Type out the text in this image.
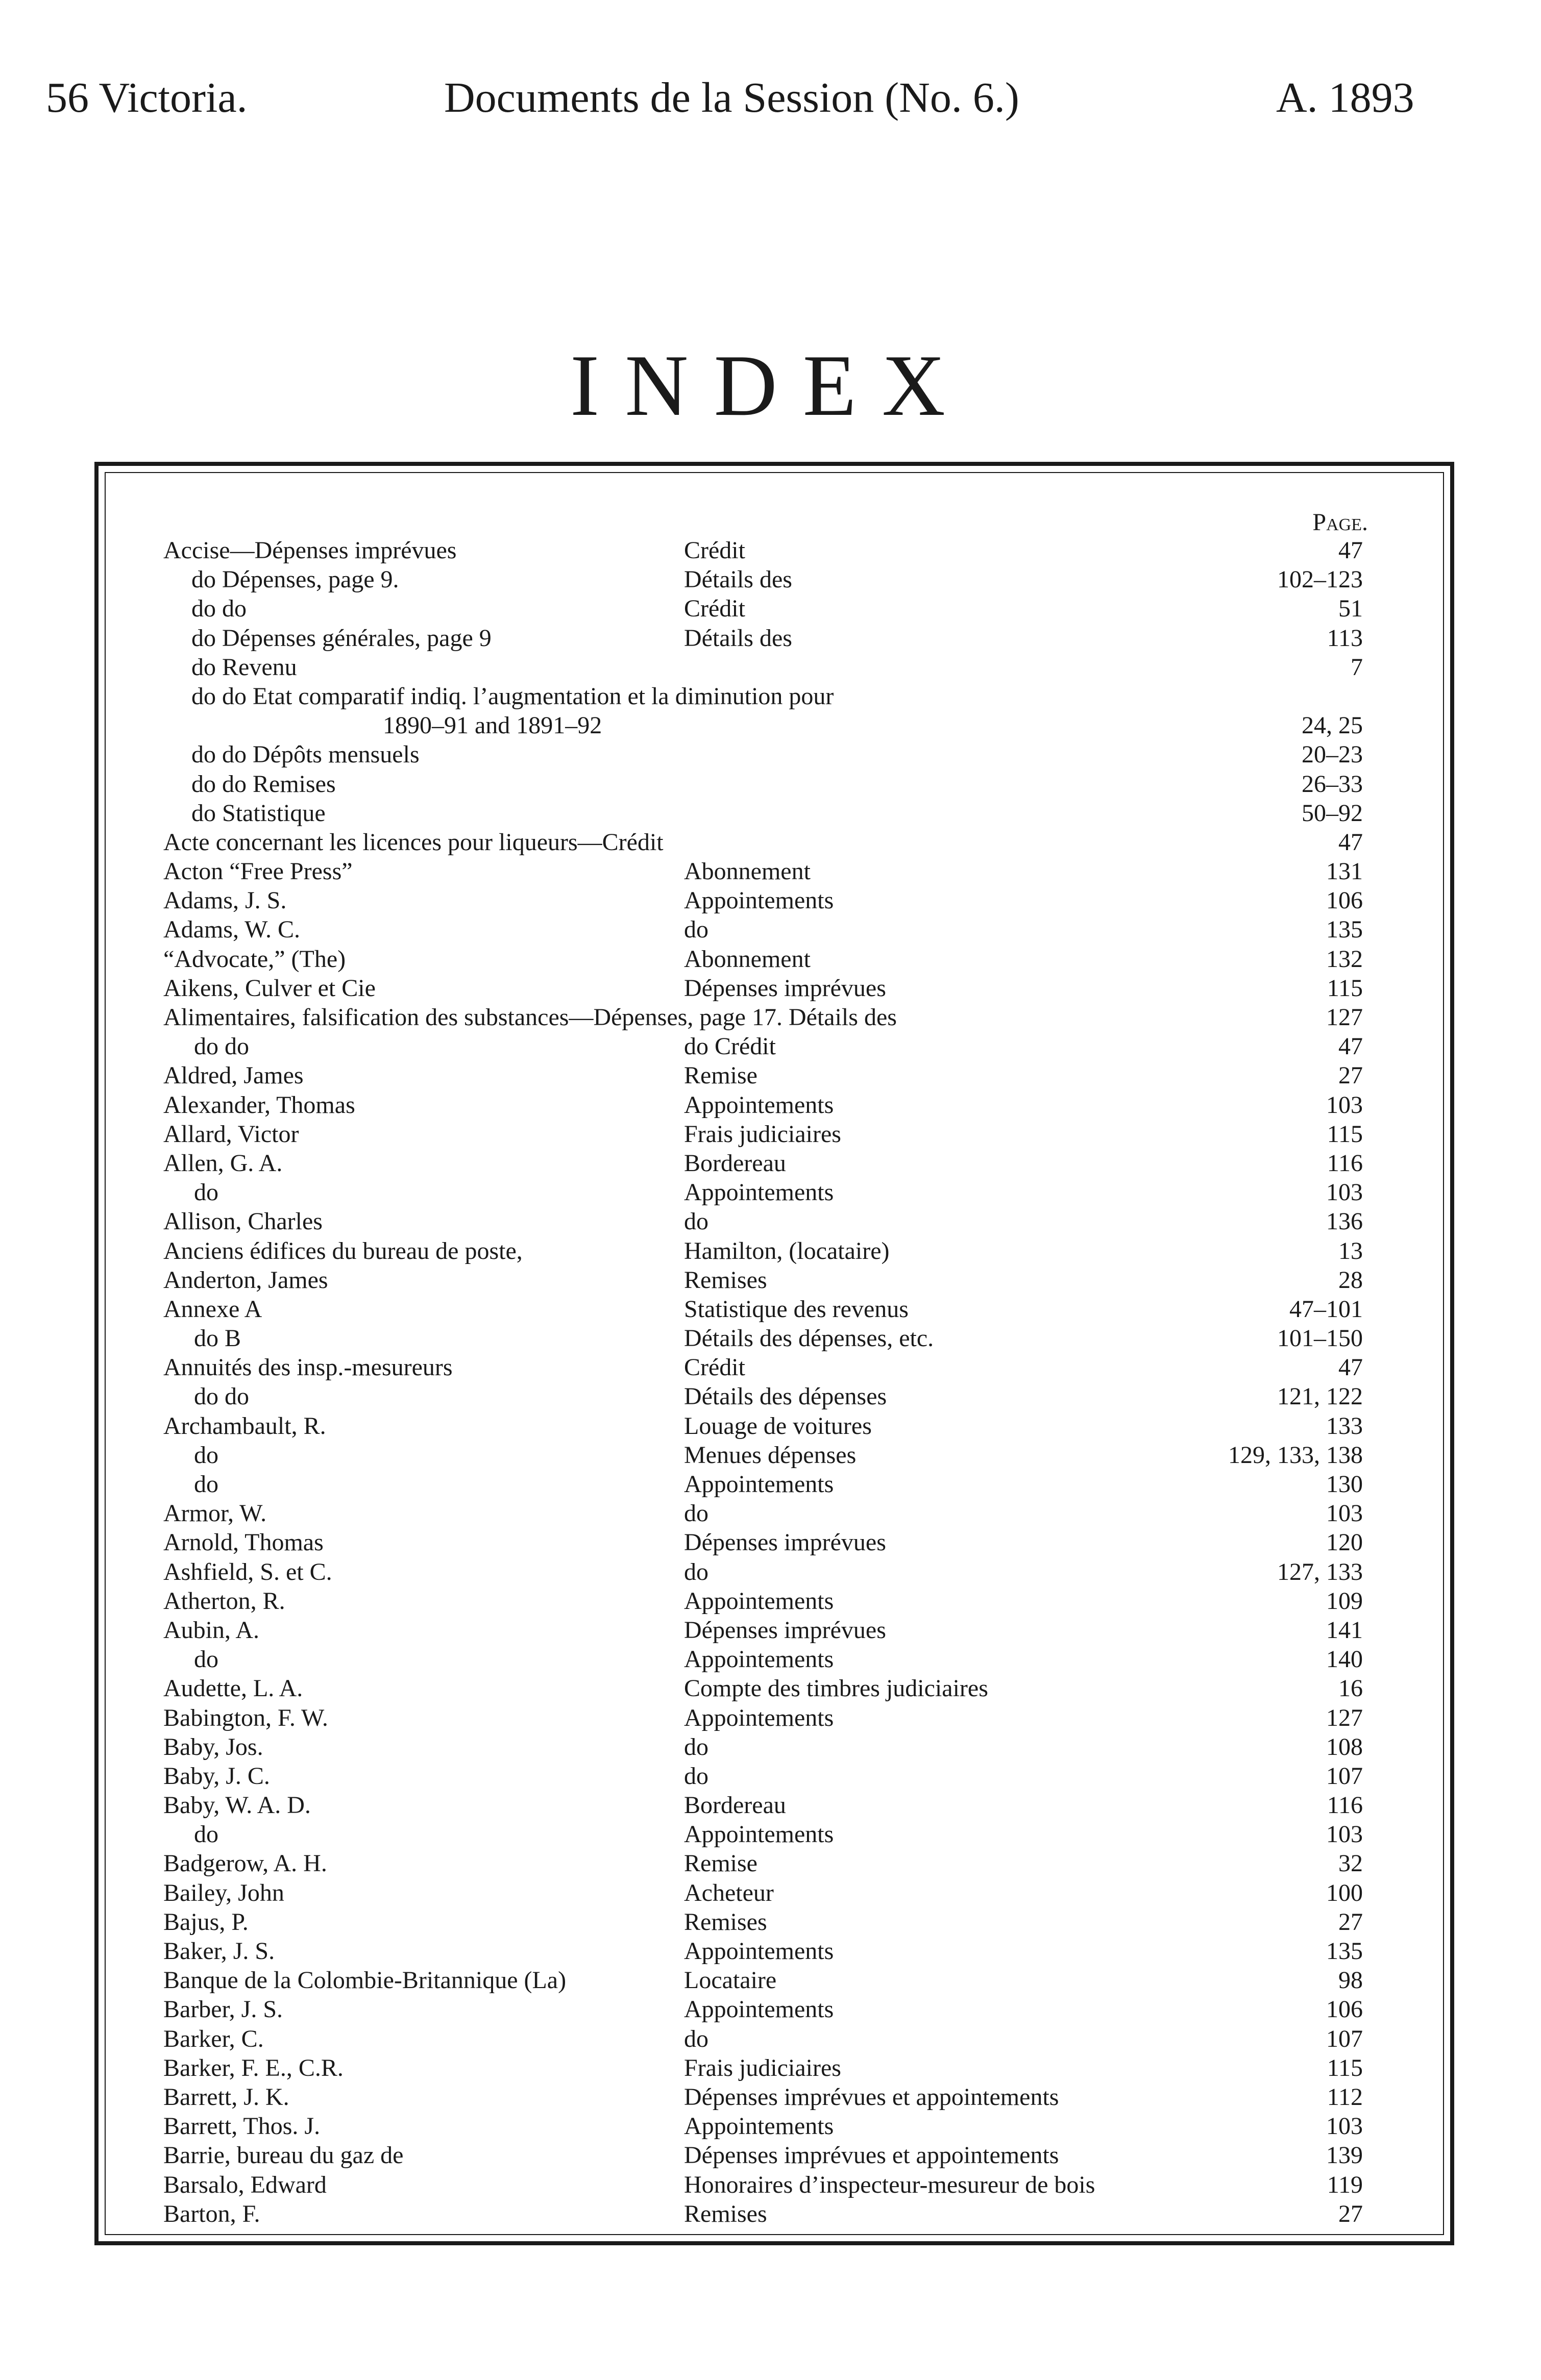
56 Victoria.	Documents de la Session (No. 6.)	A. 1893
INDEX
Page.
Accise—Dépenses imprévues	Crédit	47
do Dépenses, page 9.	Détails des	102–123
do do	Crédit	51
do Dépenses générales, page 9	Détails des	113
do Revenu	7
do do Etat comparatif indiq. l’augmentation et la diminution pour
1890–91 and 1891–92	24, 25
do do Dépôts mensuels	20–23
do do Remises	26–33
do Statistique	50–92
Acte concernant les licences pour liqueurs—Crédit	47
Acton “Free Press”	Abonnement	131
Adams, J. S.	Appointements	106
Adams, W. C.	do	135
“Advocate,” (The)	Abonnement	132
Aikens, Culver et Cie	Dépenses imprévues	115
Alimentaires, falsification des substances—Dépenses, page 17. Détails des	127
do do	do Crédit	47
Aldred, James	Remise	27
Alexander, Thomas	Appointements	103
Allard, Victor	Frais judiciaires	115
Allen, G. A.	Bordereau	116
do	Appointements	103
Allison, Charles	do	136
Anciens édifices du bureau de poste,	Hamilton, (locataire)	13
Anderton, James	Remises	28
Annexe A	Statistique des revenus	47–101
do B	Détails des dépenses, etc.	101–150
Annuités des insp.-mesureurs	Crédit	47
do do	Détails des dépenses	121, 122
Archambault, R.	Louage de voitures	133
do	Menues dépenses	129, 133, 138
do	Appointements	130
Armor, W.	do	103
Arnold, Thomas	Dépenses imprévues	120
Ashfield, S. et C.	do	127, 133
Atherton, R.	Appointements	109
Aubin, A.	Dépenses imprévues	141
do	Appointements	140
Audette, L. A.	Compte des timbres judiciaires	16
Babington, F. W.	Appointements	127
Baby, Jos.	do	108
Baby, J. C.	do	107
Baby, W. A. D.	Bordereau	116
do	Appointements	103
Badgerow, A. H.	Remise	32
Bailey, John	Acheteur	100
Bajus, P.	Remises	27
Baker, J. S.	Appointements	135
Banque de la Colombie-Britannique (La)	Locataire	98
Barber, J. S.	Appointements	106
Barker, C.	do	107
Barker, F. E., C.R.	Frais judiciaires	115
Barrett, J. K.	Dépenses imprévues et appointements	112
Barrett, Thos. J.	Appointements	103
Barrie, bureau du gaz de	Dépenses imprévues et appointements	139
Barsalo, Edward	Honoraires d’inspecteur-mesureur de bois	119
Barton, F.	Remises	27
